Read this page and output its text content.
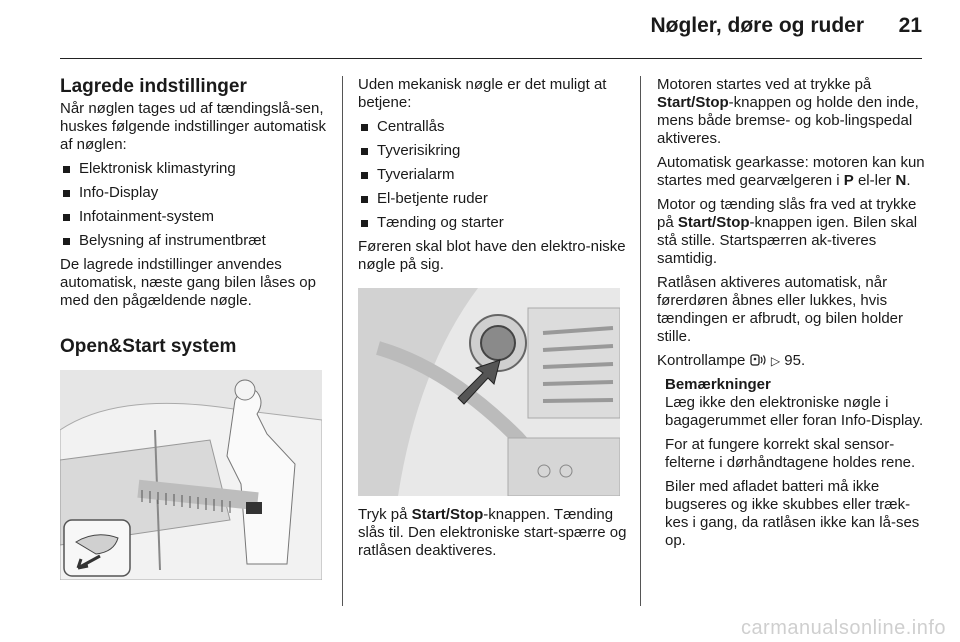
Nøgler, døre og ruder 21
Lagrede indstillinger

Når nøglen tages ud af tændingslå-sen, huskes følgende indstillinger automatisk af nøglen:

Elektronisk klimastyring
Info-Display
Infotainment-system
Belysning af instrumentbræt

De lagrede indstillinger anvendes automatisk, næste gang bilen låses op med den pågældende nøgle.

Open&Start system

Uden mekanisk nøgle er det muligt at betjene:

Centrallås
Tyverisikring
Tyverialarm
El-betjente ruder
Tænding og starter

Føreren skal blot have den elektro-niske nøgle på sig.

Tryk på Start/Stop-knappen. Tænding slås til. Den elektroniske start-spærre og ratlåsen deaktiveres.

Motoren startes ved at trykke på Start/Stop-knappen og holde den inde, mens både bremse- og kob-lingspedal aktiveres.

Automatisk gearkasse: motoren kan kun startes med gearvælgeren i P el-ler N.

Motor og tænding slås fra ved at trykke på Start/Stop-knappen igen. Bilen skal stå stille. Startspærren ak-tiveres samtidig.

Ratlåsen aktiveres automatisk, når førerdøren åbnes eller lukkes, hvis tændingen er afbrudt, og bilen holder stille.

Kontrollampe  ▷ 95.

Bemærkninger

Læg ikke den elektroniske nøgle i bagagerummet eller foran Info-Display.

For at fungere korrekt skal sensor-felterne i dørhåndtagene holdes rene.

Biler med afladet batteri må ikke bugseres og ikke skubbes eller træk-kes i gang, da ratlåsen ikke kan lå-ses op.

carmanualsonline.info
